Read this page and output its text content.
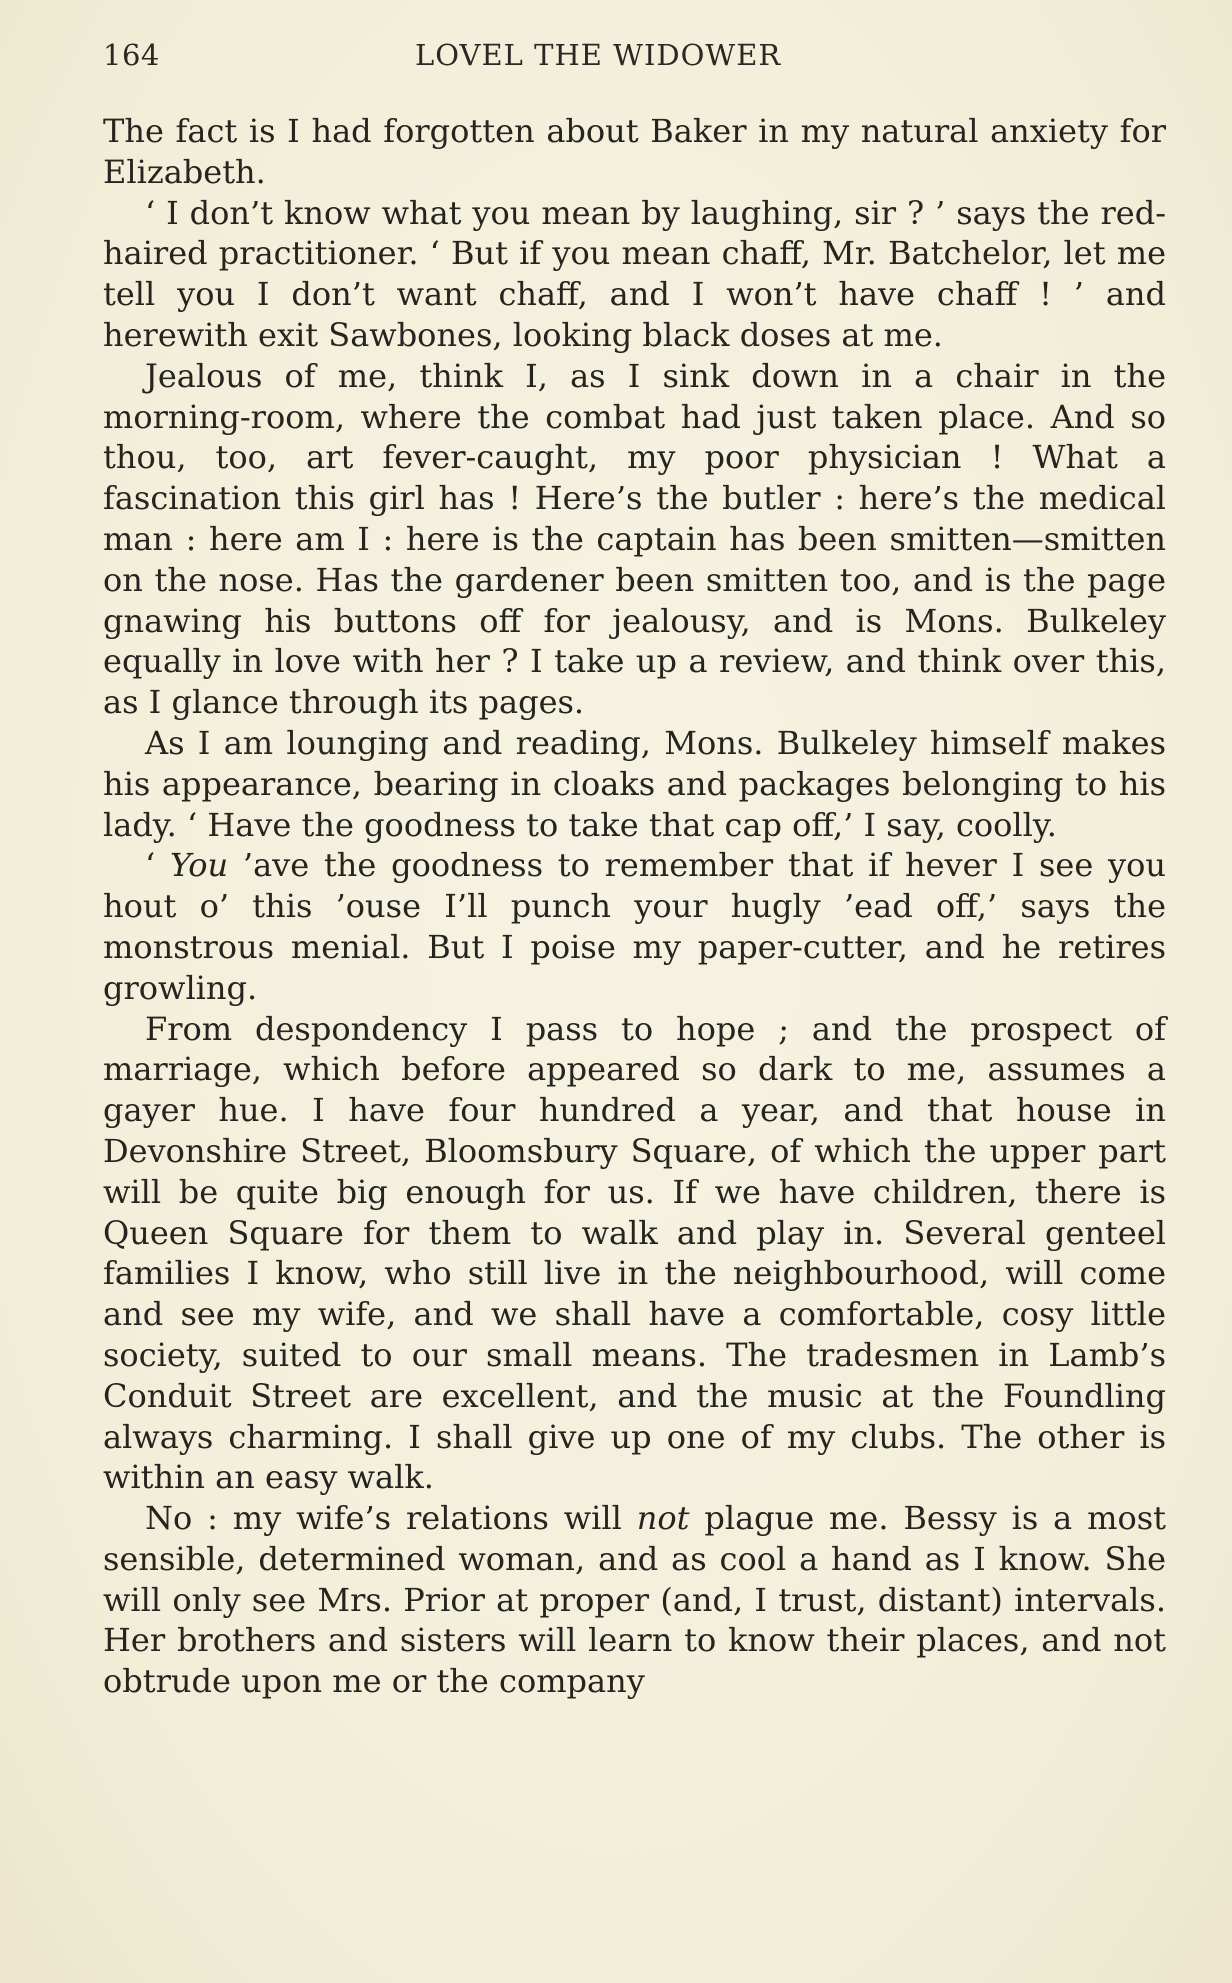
164	LOVEL THE WIDOWER

The fact is I had forgotten about Baker in my natural anxiety for Elizabeth.

‘ I don’t know what you mean by laughing, sir ? ’ says the red-haired practitioner. ‘ But if you mean chaff, Mr. Batchelor, let me tell you I don’t want chaff, and I won’t have chaff ! ’ and herewith exit Sawbones, looking black doses at me.

Jealous of me, think I, as I sink down in a chair in the morning-room, where the combat had just taken place. And so thou, too, art fever-caught, my poor physician ! What a fascination this girl has ! Here’s the butler : here’s the medical man : here am I : here is the captain has been smitten—smitten on the nose. Has the gardener been smitten too, and is the page gnawing his buttons off for jealousy, and is Mons. Bulkeley equally in love with her ? I take up a review, and think over this, as I glance through its pages.

As I am lounging and reading, Mons. Bulkeley himself makes his appearance, bearing in cloaks and packages belonging to his lady. ‘ Have the goodness to take that cap off,’ I say, coolly.

‘ You ’ave the goodness to remember that if hever I see you hout o’ this ’ouse I’ll punch your hugly ’ead off,’ says the monstrous menial. But I poise my paper-cutter, and he retires growling.

From despondency I pass to hope ; and the prospect of marriage, which before appeared so dark to me, assumes a gayer hue. I have four hundred a year, and that house in Devonshire Street, Bloomsbury Square, of which the upper part will be quite big enough for us. If we have children, there is Queen Square for them to walk and play in. Several genteel families I know, who still live in the neighbourhood, will come and see my wife, and we shall have a comfortable, cosy little society, suited to our small means. The tradesmen in Lamb’s Conduit Street are excellent, and the music at the Foundling always charming. I shall give up one of my clubs. The other is within an easy walk.

No : my wife’s relations will not plague me. Bessy is a most sensible, determined woman, and as cool a hand as I know. She will only see Mrs. Prior at proper (and, I trust, distant) intervals. Her brothers and sisters will learn to know their places, and not obtrude upon me or the company
